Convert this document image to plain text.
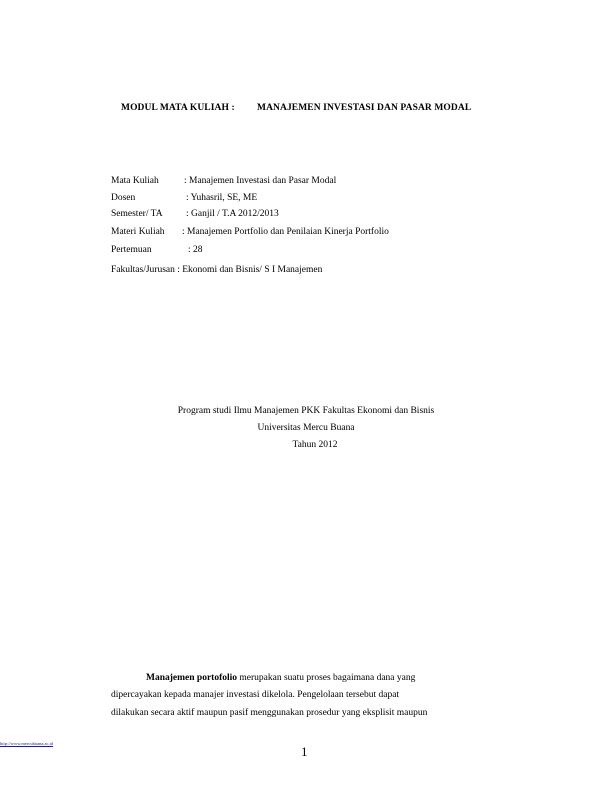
MODUL MATA KULIAH : MANAJEMEN INVESTASI DAN PASAR MODAL
Mata Kuliah	: Manajemen Investasi dan Pasar Modal
Dosen	: Yuhasril, SE, ME
Semester/ TA : Ganjil / T.A 2012/2013
Materi Kuliah : Manajemen Portfolio dan Penilaian Kinerja Portfolio
Pertemuan	: 28
Fakultas/Jurusan : Ekonomi dan Bisnis/ S I Manajemen
Program studi Ilmu Manajemen PKK Fakultas Ekonomi dan Bisnis
Universitas Mercu Buana
Tahun 2012
Manajemen portofolio merupakan suatu proses bagaimana dana yang
dipercayakan kepada manajer investasi dikelola. Pengelolaan tersebut dapat
dilakukan secara aktif maupun pasif menggunakan prosedur yang eksplisit maupun
http://www.mercubuana.ac.id
1
